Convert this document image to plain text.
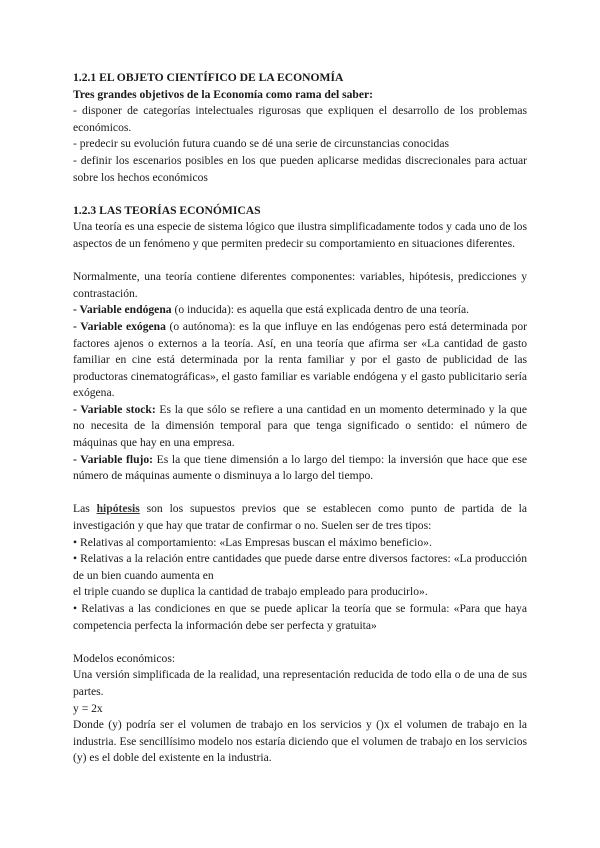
1.2.1 EL OBJETO CIENTÍFICO DE LA ECONOMÍA

Tres grandes objetivos de la Economía como rama del saber:

- disponer de categorías intelectuales rigurosas que expliquen el desarrollo de los problemas económicos.

- predecir su evolución futura cuando se dé una serie de circunstancias conocidas

- definir los escenarios posibles en los que pueden aplicarse medidas discrecionales para actuar sobre los hechos económicos

1.2.3 LAS TEORÍAS ECONÓMICAS

Una teoría es una especie de sistema lógico que ilustra simplificadamente todos y cada uno de los aspectos de un fenómeno y que permiten predecir su comportamiento en situaciones diferentes.

Normalmente, una teoría contiene diferentes componentes: variables, hipótesis, predicciones y contrastación.

- Variable endógena (o inducida): es aquella que está explicada dentro de una teoría.

- Variable exógena (o autónoma): es la que influye en las endógenas pero está determinada por factores ajenos o externos a la teoría. Así, en una teoría que afirma ser «La cantidad de gasto familiar en cine está determinada por la renta familiar y por el gasto de publicidad de las productoras cinematográficas», el gasto familiar es variable endógena y el gasto publicitario sería exógena.

- Variable stock: Es la que sólo se refiere a una cantidad en un momento determinado y la que no necesita de la dimensión temporal para que tenga significado o sentido: el número de máquinas que hay en una empresa.

- Variable flujo: Es la que tiene dimensión a lo largo del tiempo: la inversión que hace que ese número de máquinas aumente o disminuya a lo largo del tiempo.

Las hipótesis son los supuestos previos que se establecen como punto de partida de la investigación y que hay que tratar de confirmar o no. Suelen ser de tres tipos:

• Relativas al comportamiento: «Las Empresas buscan el máximo beneficio».

• Relativas a la relación entre cantidades que puede darse entre diversos factores: «La producción de un bien cuando aumenta en

el triple cuando se duplica la cantidad de trabajo empleado para producirlo».

• Relativas a las condiciones en que se puede aplicar la teoría que se formula: «Para que haya competencia perfecta la información debe ser perfecta y gratuita»

Modelos económicos:

Una versión simplificada de la realidad, una representación reducida de todo ella o de una de sus partes.

y = 2x

Donde (y) podría ser el volumen de trabajo en los servicios y ()x el volumen de trabajo en la industria. Ese sencillísimo modelo nos estaría diciendo que el volumen de trabajo en los servicios (y) es el doble del existente en la industria.
